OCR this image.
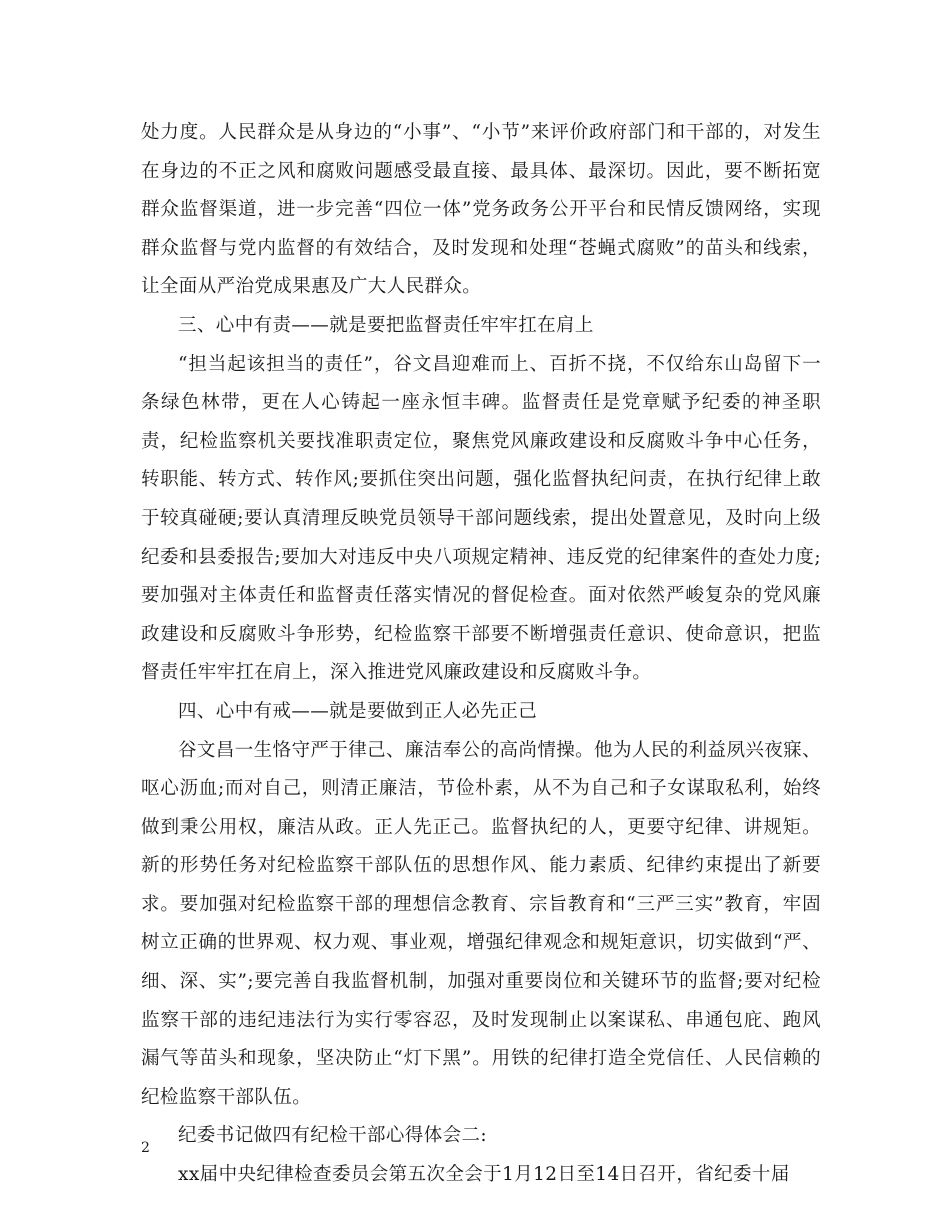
处力度。人民群众是从身边的“小事”、“小节”来评价政府部门和干部的，对发生在身边的不正之风和腐败问题感受最直接、最具体、最深切。因此，要不断拓宽群众监督渠道，进一步完善“四位一体”党务政务公开平台和民情反馈网络，实现群众监督与党内监督的有效结合，及时发现和处理“苍蝇式腐败”的苗头和线索，让全面从严治党成果惠及广大人民群众。

三、心中有责——就是要把监督责任牢牢扛在肩上

“担当起该担当的责任”，谷文昌迎难而上、百折不挠，不仅给东山岛留下一条绿色林带，更在人心铸起一座永恒丰碑。监督责任是党章赋予纪委的神圣职责，纪检监察机关要找准职责定位，聚焦党风廉政建设和反腐败斗争中心任务，转职能、转方式、转作风;要抓住突出问题，强化监督执纪问责，在执行纪律上敢于较真碰硬;要认真清理反映党员领导干部问题线索，提出处置意见，及时向上级纪委和县委报告;要加大对违反中央八项规定精神、违反党的纪律案件的查处力度;要加强对主体责任和监督责任落实情况的督促检查。面对依然严峻复杂的党风廉政建设和反腐败斗争形势，纪检监察干部要不断增强责任意识、使命意识，把监督责任牢牢扛在肩上，深入推进党风廉政建设和反腐败斗争。

四、心中有戒——就是要做到正人必先正己

谷文昌一生恪守严于律己、廉洁奉公的高尚情操。他为人民的利益夙兴夜寐、呕心沥血;而对自己，则清正廉洁，节俭朴素，从不为自己和子女谋取私利，始终做到秉公用权，廉洁从政。正人先正己。监督执纪的人，更要守纪律、讲规矩。新的形势任务对纪检监察干部队伍的思想作风、能力素质、纪律约束提出了新要求。要加强对纪检监察干部的理想信念教育、宗旨教育和“三严三实”教育，牢固树立正确的世界观、权力观、事业观，增强纪律观念和规矩意识，切实做到“严、细、深、实”;要完善自我监督机制，加强对重要岗位和关键环节的监督;要对纪检监察干部的违纪违法行为实行零容忍，及时发现制止以案谋私、串通包庇、跑风漏气等苗头和现象，坚决防止“灯下黑”。用铁的纪律打造全党信任、人民信赖的纪检监察干部队伍。

纪委书记做四有纪检干部心得体会二:

xx届中央纪律检查委员会第五次全会于1月12日至14日召开，省纪委十届

2
